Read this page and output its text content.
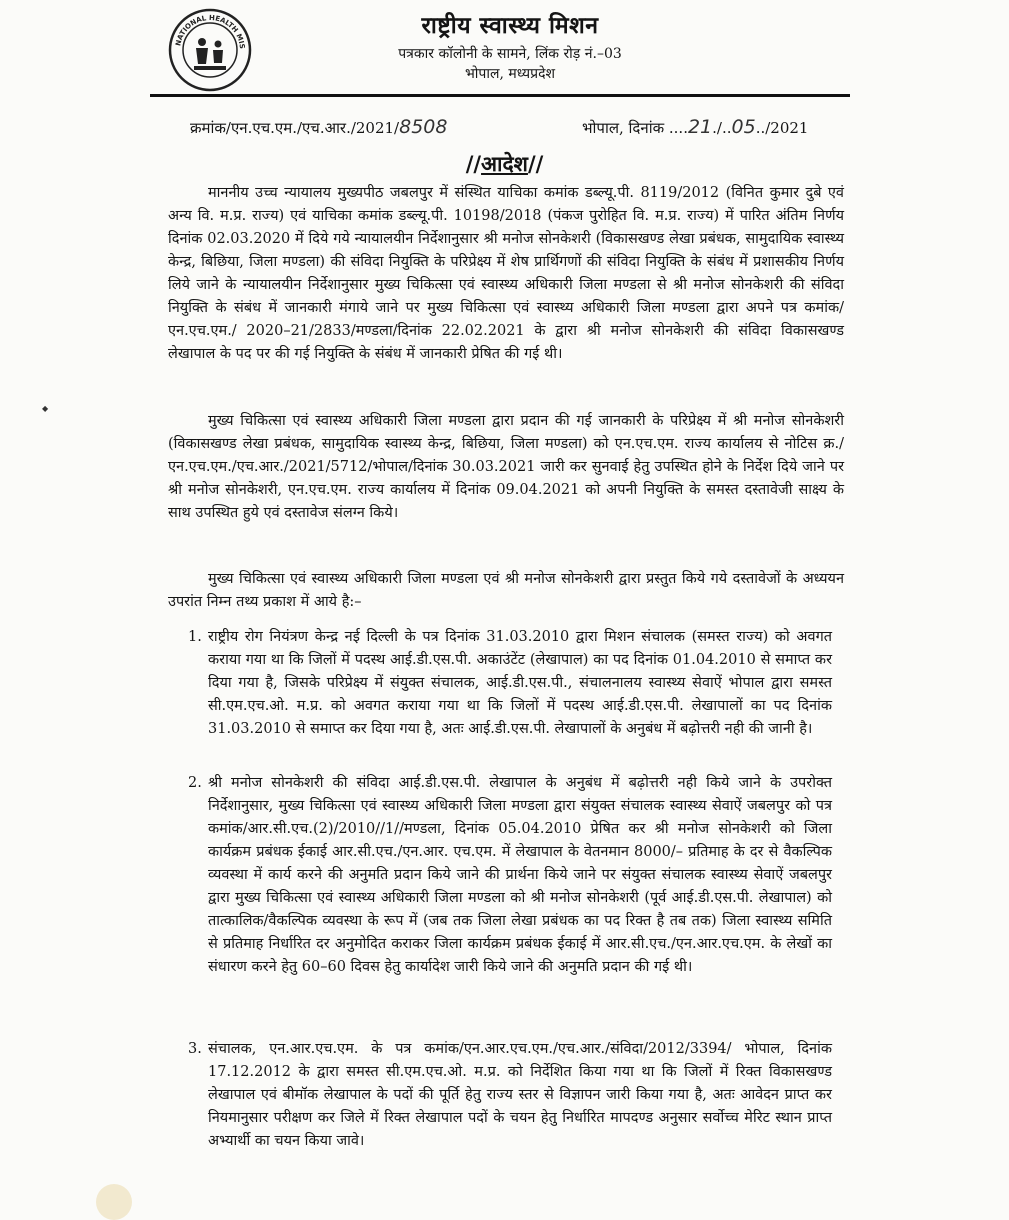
NATIONAL HEALTH MIS
राष्ट्रीय स्वास्थ्य मिशन
पत्रकार कॉलोनी के सामने, लिंक रोड़ नं.–03
भोपाल, मध्यप्रदेश
क्रमांक/एन.एच.एम./एच.आर./2021/8508	भोपाल, दिनांक ....21./..05../2021
//आदेश//

माननीय उच्च न्यायालय मुख्यपीठ जबलपुर में संस्थित याचिका कमांक डब्ल्यू.पी. 8119/2012 (विनित कुमार दुबे एवं अन्य वि. म.प्र. राज्य) एवं याचिका कमांक डब्ल्यू.पी. 10198/2018 (पंकज पुरोहित वि. म.प्र. राज्य) में पारित अंतिम निर्णय दिनांक 02.03.2020 में दिये गये न्यायालयीन निर्देशानुसार श्री मनोज सोनकेशरी (विकासखण्ड लेखा प्रबंधक, सामुदायिक स्वास्थ्य केन्द्र, बिछिया, जिला मण्डला) की संविदा नियुक्ति के परिप्रेक्ष्य में शेष प्रार्थिगणों की संविदा नियुक्ति के संबंध में प्रशासकीय निर्णय लिये जाने के न्यायालयीन निर्देशानुसार मुख्य चिकित्सा एवं स्वास्थ्य अधिकारी जिला मण्डला से श्री मनोज सोनकेशरी की संविदा नियुक्ति के संबंध में जानकारी मंगाये जाने पर मुख्य चिकित्सा एवं स्वास्थ्य अधिकारी जिला मण्डला द्वारा अपने पत्र कमांक/एन.एच.एम./ 2020–21/2833/मण्डला/दिनांक 22.02.2021 के द्वारा श्री मनोज सोनकेशरी की संविदा विकासखण्ड लेखापाल के पद पर की गई नियुक्ति के संबंध में जानकारी प्रेषित की गई थी।

मुख्य चिकित्सा एवं स्वास्थ्य अधिकारी जिला मण्डला द्वारा प्रदान की गई जानकारी के परिप्रेक्ष्य में श्री मनोज सोनकेशरी (विकासखण्ड लेखा प्रबंधक, सामुदायिक स्वास्थ्य केन्द्र, बिछिया, जिला मण्डला) को एन.एच.एम. राज्य कार्यालय से नोटिस क्र./एन.एच.एम./एच.आर./2021/5712/भोपाल/दिनांक 30.03.2021 जारी कर सुनवाई हेतु उपस्थित होने के निर्देश दिये जाने पर श्री मनोज सोनकेशरी, एन.एच.एम. राज्य कार्यालय में दिनांक 09.04.2021 को अपनी नियुक्ति के समस्त दस्तावेजी साक्ष्य के साथ उपस्थित हुये एवं दस्तावेज संलग्न किये।

मुख्य चिकित्सा एवं स्वास्थ्य अधिकारी जिला मण्डला एवं श्री मनोज सोनकेशरी द्वारा प्रस्तुत किये गये दस्तावेजों के अध्ययन उपरांत निम्न तथ्य प्रकाश में आये है:–

◆
1. राष्ट्रीय रोग नियंत्रण केन्द्र नई दिल्ली के पत्र दिनांक 31.03.2010 द्वारा मिशन संचालक (समस्त राज्य) को अवगत कराया गया था कि जिलों में पदस्थ आई.डी.एस.पी. अकाउंटेंट (लेखापाल) का पद दिनांक 01.04.2010 से समाप्त कर दिया गया है, जिसके परिप्रेक्ष्य में संयुक्त संचालक, आई.डी.एस.पी., संचालनालय स्वास्थ्य सेवाऐं भोपाल द्वारा समस्त सी.एम.एच.ओ. म.प्र. को अवगत कराया गया था कि जिलों में पदस्थ आई.डी.एस.पी. लेखापालों का पद दिनांक 31.03.2010 से समाप्त कर दिया गया है, अतः आई.डी.एस.पी. लेखापालों के अनुबंध में बढ़ोत्तरी नही की जानी है।

2. श्री मनोज सोनकेशरी की संविदा आई.डी.एस.पी. लेखापाल के अनुबंध में बढ़ोत्तरी नही किये जाने के उपरोक्त निर्देशानुसार, मुख्य चिकित्सा एवं स्वास्थ्य अधिकारी जिला मण्डला द्वारा संयुक्त संचालक स्वास्थ्य सेवाऐं जबलपुर को पत्र कमांक/आर.सी.एच.(2)/2010//1//मण्डला, दिनांक 05.04.2010 प्रेषित कर श्री मनोज सोनकेशरी को जिला कार्यक्रम प्रबंधक ईकाई आर.सी.एच./एन.आर. एच.एम. में लेखापाल के वेतनमान 8000/– प्रतिमाह के दर से वैकल्पिक व्यवस्था में कार्य करने की अनुमति प्रदान किये जाने की प्रार्थना किये जाने पर संयुक्त संचालक स्वास्थ्य सेवाऐं जबलपुर द्वारा मुख्य चिकित्सा एवं स्वास्थ्य अधिकारी जिला मण्डला को श्री मनोज सोनकेशरी (पूर्व आई.डी.एस.पी. लेखापाल) को तात्कालिक/वैकल्पिक व्यवस्था के रूप में (जब तक जिला लेखा प्रबंधक का पद रिक्त है तब तक) जिला स्वास्थ्य समिति से प्रतिमाह निर्धारित दर अनुमोदित कराकर जिला कार्यक्रम प्रबंधक ईकाई में आर.सी.एच./एन.आर.एच.एम. के लेखों का संधारण करने हेतु 60–60 दिवस हेतु कार्यादेश जारी किये जाने की अनुमति प्रदान की गई थी।

3. संचालक, एन.आर.एच.एम. के पत्र कमांक/एन.आर.एच.एम./एच.आर./संविदा/2012/3394/ भोपाल, दिनांक 17.12.2012 के द्वारा समस्त सी.एम.एच.ओ. म.प्र. को निर्देशित किया गया था कि जिलों में रिक्त विकासखण्ड लेखापाल एवं बीमॉक लेखापाल के पदों की पूर्ति हेतु राज्य स्तर से विज्ञापन जारी किया गया है, अतः आवेदन प्राप्त कर नियमानुसार परीक्षण कर जिले में रिक्त लेखापाल पदों के चयन हेतु निर्धारित मापदण्ड अनुसार सर्वोच्च मेरिट स्थान प्राप्त अभ्यार्थी का चयन किया जावे।
